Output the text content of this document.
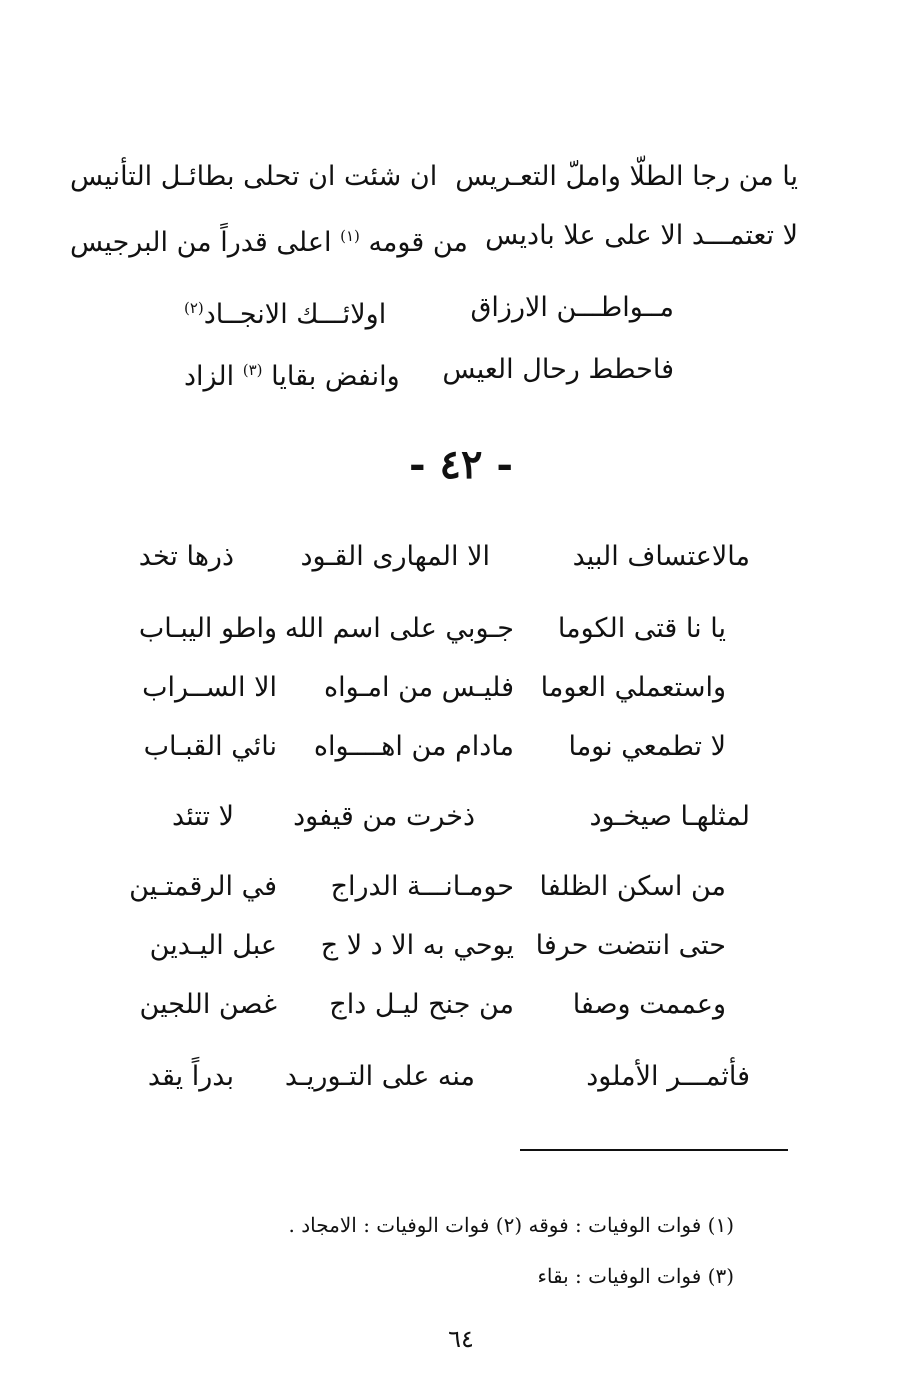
يا من رجا الطلّا واملّ التعـريس
ان شئت ان تحلى بطائـل التأنيس
لا تعتمـــد الا على علا باديس
من قومه $^{(١)}$ اعلى قدراً من البرجيس
مــواطـــن الارزاق
اولائـــك الانجــاد$^{(٢)}$
فاحطط رحال العيس
وانفض بقايا $^{(٣)}$ الزاد
- ٤٢ -
مالاعتساف البيد
الا المهارى القـود
ذرها تخد
يا نا قتى الكوما
جـوبي على اسم الله
واطو اليبـاب
واستعملي العوما
فليـس من امـواه
الا الســراب
لا تطمعي نوما
مادام من اهــــواه
نائي القبـاب
لمثلهـا صيخـود
ذخرت من قيفود
لا تتئد
من اسكن الظلفا
حومـانـــة الدراج
في الرقمتـين
حتى انتضت حرفا
يوحي به الا د لا ج
عبل اليـدين
وعممت وصفا
من جنح ليـل داج
غصن اللجين
فأثمـــر الأملود
منه على التـوريـد
بدراً يقد
(١) فوات الوفيات : فوقه (٢) فوات الوفيات : الامجاد .
(٣) فوات الوفيات : بقاء
٦٤
